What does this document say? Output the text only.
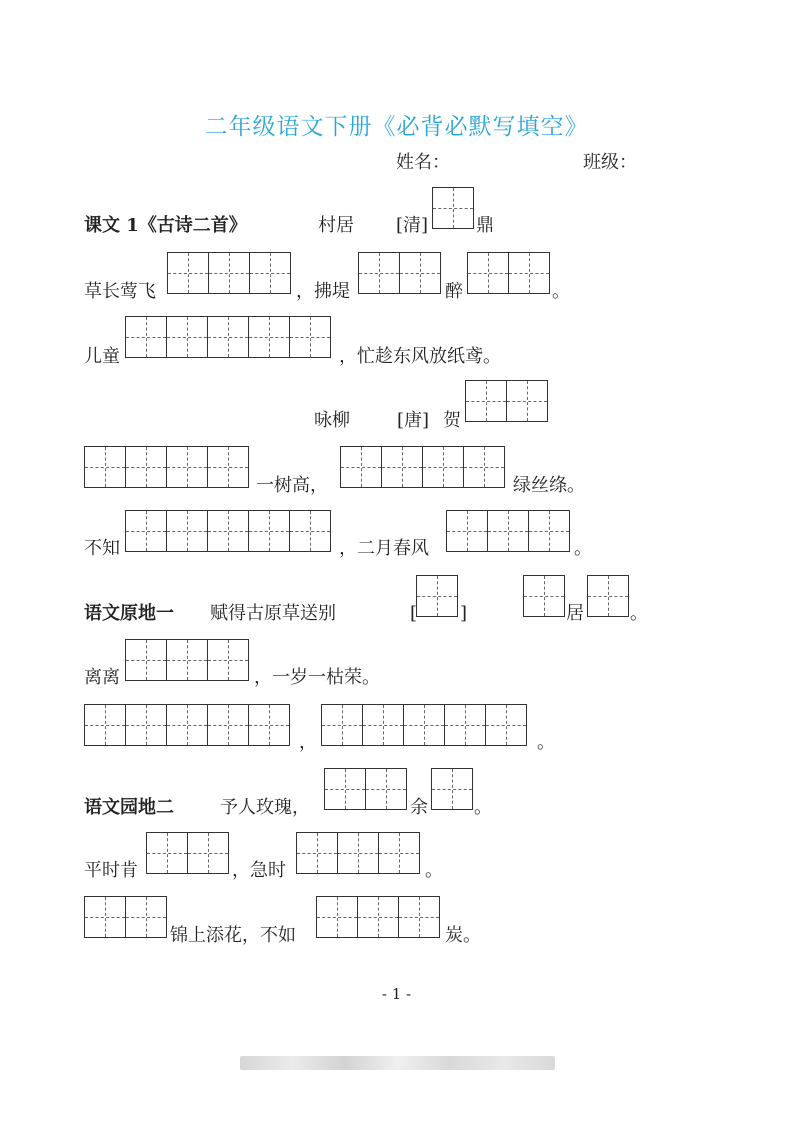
二年级语文下册《必背必默写填空》
姓名：	班级：
课文 1《古诗二首》	村居 [清]	鼎
草长莺飞	，拂堤	醉	。
儿童	，忙趁东风放纸鸢。
咏柳	[唐] 贺
一树高，	绿丝绦。
不知	，二月春风	。
语文原地一 赋得古原草送别	[ ]	居	。
离离	，一岁一枯荣。
，	。
语文园地二	予人玫瑰，	余	。
平时肯	，急时	。
锦上添花，不如	炭。
- 1 -
